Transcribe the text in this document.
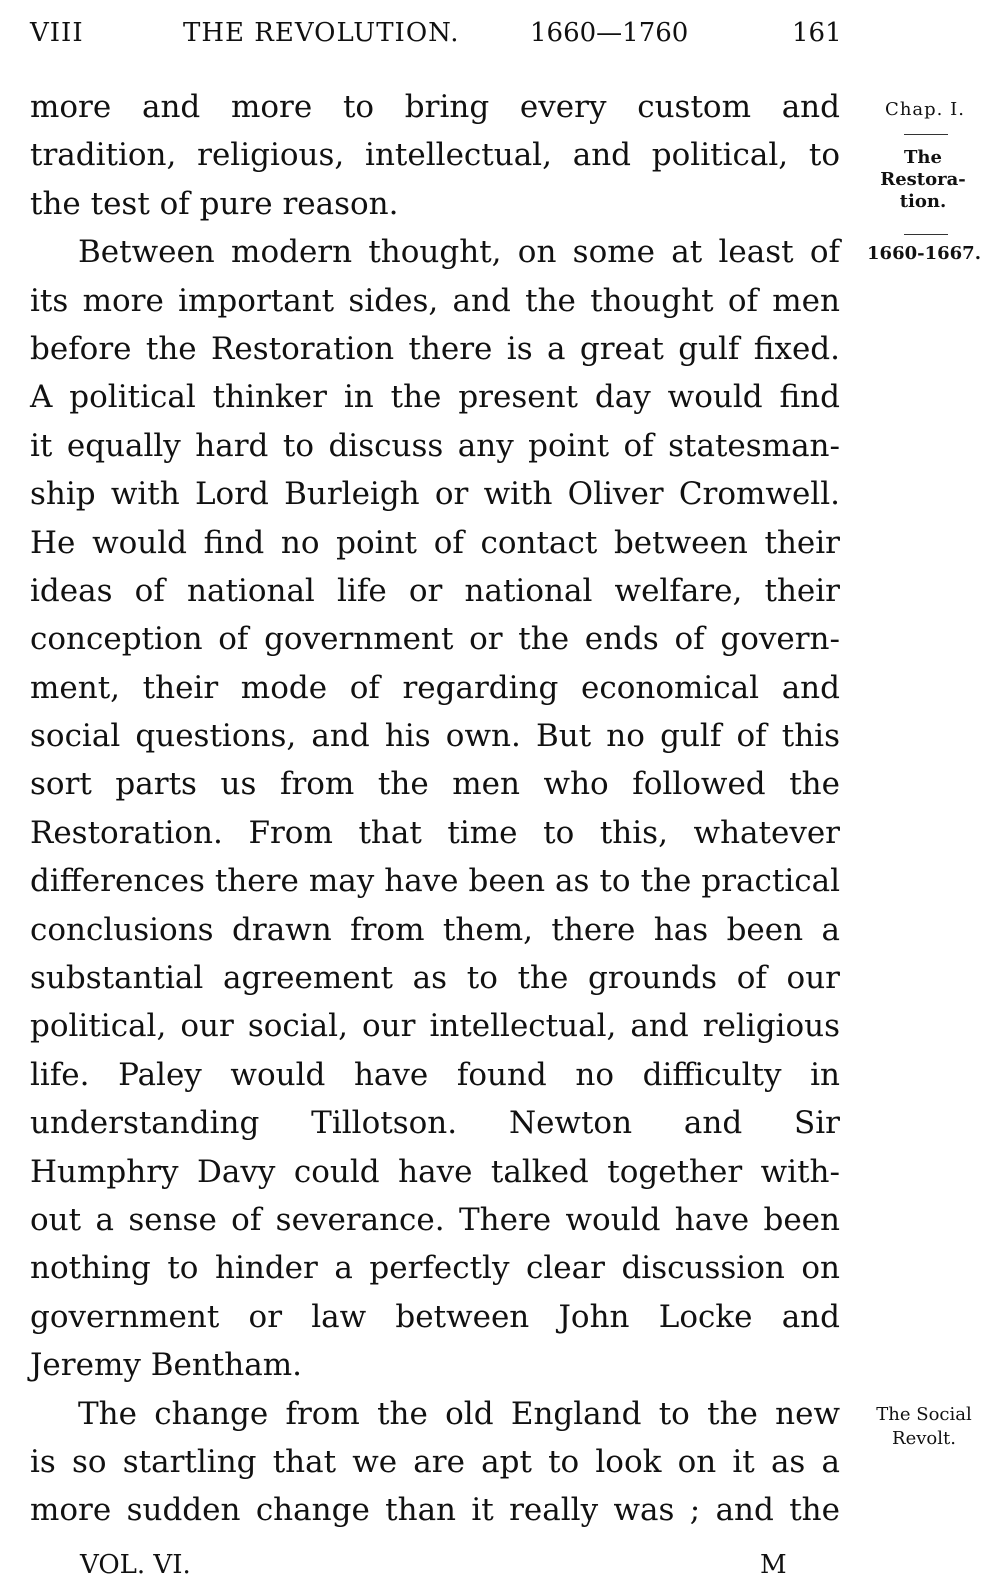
VIII	THE REVOLUTION.	1660—1760	161
more and more to bring every custom and
tradition, religious, intellectual, and political, to
the test of pure reason.
Between modern thought, on some at least of
its more important sides, and the thought of men
before the Restoration there is a great gulf fixed.
A political thinker in the present day would find
it equally hard to discuss any point of statesman-
ship with Lord Burleigh or with Oliver Cromwell.
He would find no point of contact between their
ideas of national life or national welfare, their
conception of government or the ends of govern-
ment, their mode of regarding economical and
social questions, and his own. But no gulf of this
sort parts us from the men who followed the
Restoration. From that time to this, whatever
differences there may have been as to the practical
conclusions drawn from them, there has been a
substantial agreement as to the grounds of our
political, our social, our intellectual, and religious
life. Paley would have found no difficulty in
understanding Tillotson. Newton and Sir
Humphry Davy could have talked together with-
out a sense of severance. There would have been
nothing to hinder a perfectly clear discussion on
government or law between John Locke and
Jeremy Bentham.
The change from the old England to the new
is so startling that we are apt to look on it as a
more sudden change than it really was ; and the
Chap. I.
The
Restora-
tion.
1660-1667.
The Social
Revolt.
VOL. VI.	M
